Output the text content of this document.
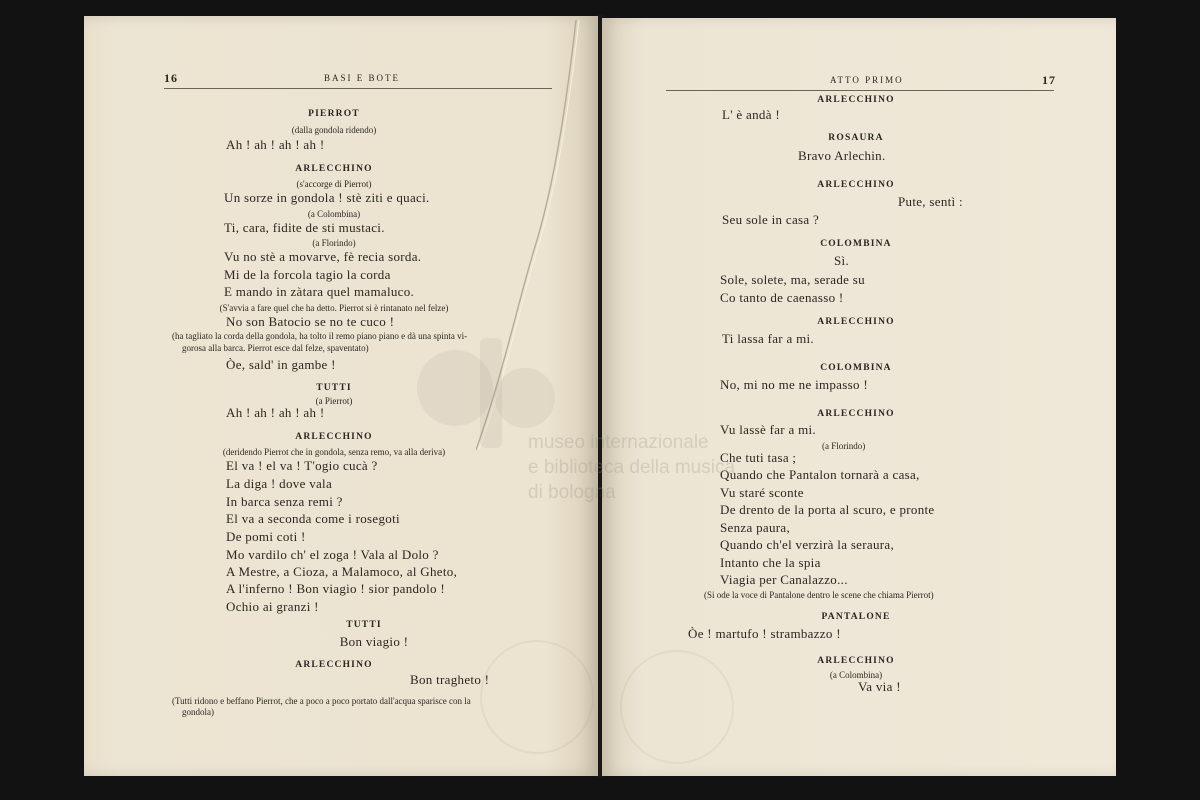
16	BASI E BOTE
PIERROT
(dalla gondola ridendo)
Ah ! ah ! ah ! ah !
ARLECCHINO
(s'accorge di Pierrot)
Un sorze in gondola ! stè ziti e quaci.
(a Colombina)
Ti, cara, fidite de sti mustaci.
(a Florindo)
Vu no stè a movarve, fè recia sorda.
Mi de la forcola tagio la corda
E mando in zàtara quel mamaluco.
(S'avvia a fare quel che ha detto. Pierrot si è rintanato nel felze)
No son Batocio se no te cuco !
(ha tagliato la corda della gondola, ha tolto il remo piano piano e dà una spinta vi-
gorosa alla barca. Pierrot esce dal felze, spaventato)
Òe, sald' in gambe !
TUTTI
(a Pierrot)
Ah ! ah ! ah ! ah !
ARLECCHINO
(deridendo Pierrot che in gondola, senza remo, va alla deriva)
El va ! el va ! T'ogio cucà ?
La diga ! dove vala
In barca senza remi ?
El va a seconda come i rosegoti
De pomi coti !
Mo vardilo ch' el zoga ! Vala al Dolo ?
A Mestre, a Cioza, a Malamoco, al Gheto,
A l'inferno ! Bon viagio ! sior pandolo !
Ochio ai granzi !
TUTTI
Bon viagio !
ARLECCHINO
Bon tragheto !
(Tutti ridono e beffano Pierrot, che a poco a poco portato dall'acqua sparisce con la
gondola)
ATTO PRIMO	17
ARLECCHINO
L' è andà !
ROSAURA
Bravo Arlechin.
ARLECCHINO
Pute, sentì :
Seu sole in casa ?
COLOMBINA
Sì.
Sole, solete, ma, serade su
Co tanto de caenasso !
ARLECCHINO
Ti lassa far a mi.
COLOMBINA
No, mi no me ne impasso !
ARLECCHINO
Vu lassè far a mi.
(a Florindo)
Che tuti tasa ;
Quando che Pantalon tornarà a casa,
Vu staré sconte
De drento de la porta al scuro, e pronte
Senza paura,
Quando ch'el verzirà la seraura,
Intanto che la spia
Viagia per Canalazzo...
(Si ode la voce di Pantalone dentro le scene che chiama Pierrot)
PANTALONE
Òe ! martufo ! strambazzo !
ARLECCHINO
(a Colombina)
Va via !
museo internazionale
e biblioteca della musica
di bologna
